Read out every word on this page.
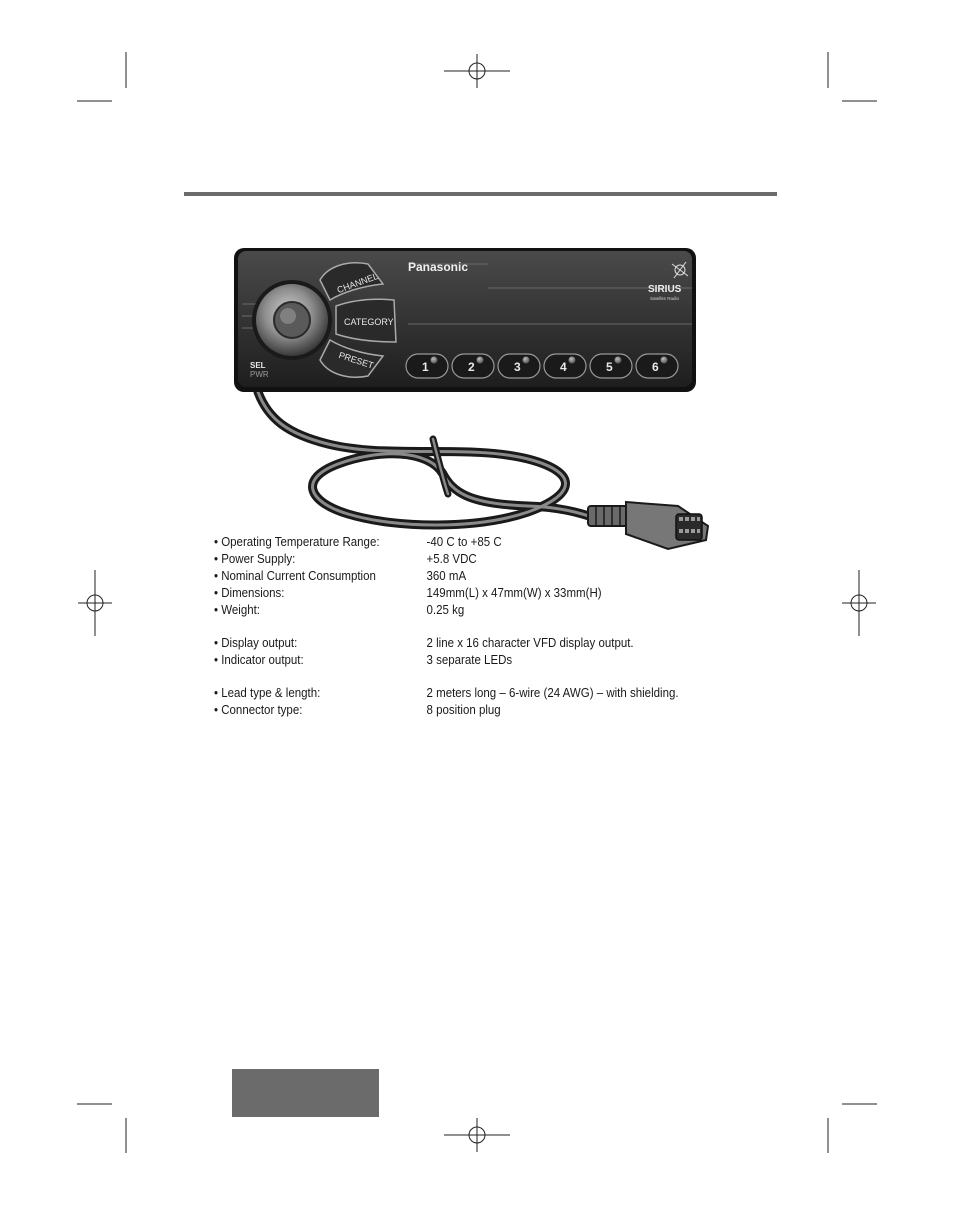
CHANNEL
CATEGORY
PRESET
Panasonic
SIRIUS
Satellite Radio
SEL
PWR
1	2	3	4	5	6
• Operating Temperature Range:	-40 C to +85 C
• Power Supply:	+5.8 VDC
• Nominal Current Consumption	360 mA
• Dimensions:	149mm(L) x 47mm(W) x 33mm(H)
• Weight:	0.25 kg
• Display output:	2 line x 16 character VFD display output.
• Indicator output:	3 separate LEDs
• Lead type & length:	2 meters long – 6-wire (24 AWG) – with shielding.
• Connector type:	8 position plug
